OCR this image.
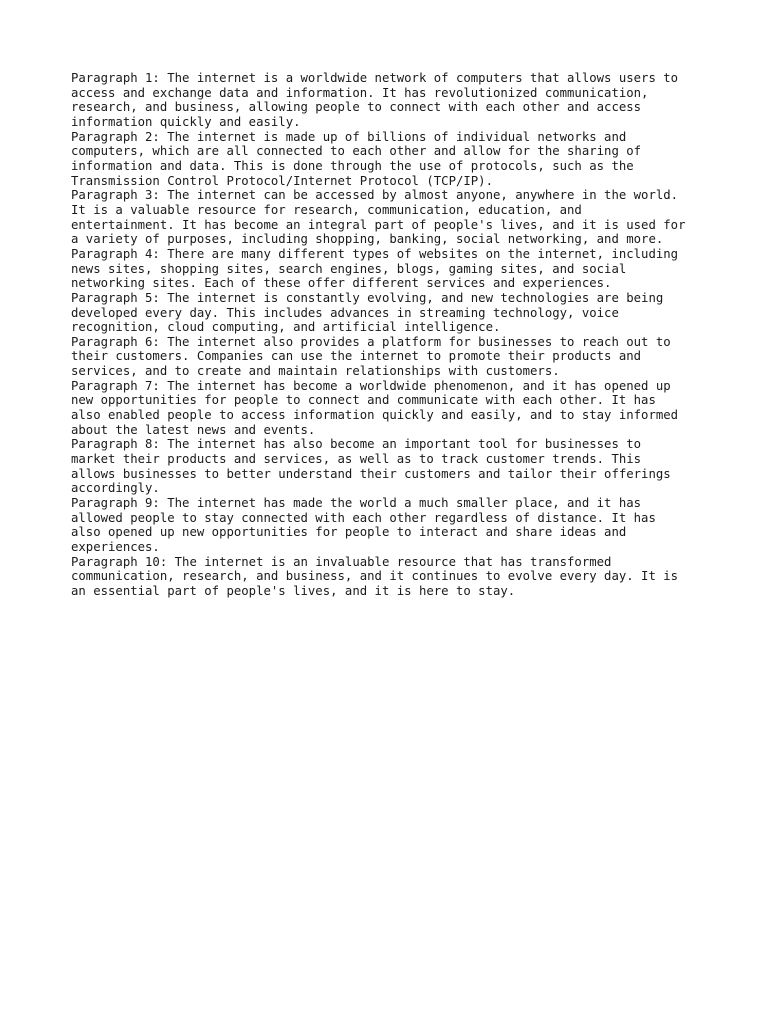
Paragraph 1: The internet is a worldwide network of computers that allows users to
access and exchange data and information. It has revolutionized communication,
research, and business, allowing people to connect with each other and access
information quickly and easily.
Paragraph 2: The internet is made up of billions of individual networks and
computers, which are all connected to each other and allow for the sharing of
information and data. This is done through the use of protocols, such as the
Transmission Control Protocol/Internet Protocol (TCP/IP).
Paragraph 3: The internet can be accessed by almost anyone, anywhere in the world.
It is a valuable resource for research, communication, education, and
entertainment. It has become an integral part of people's lives, and it is used for
a variety of purposes, including shopping, banking, social networking, and more.
Paragraph 4: There are many different types of websites on the internet, including
news sites, shopping sites, search engines, blogs, gaming sites, and social
networking sites. Each of these offer different services and experiences.
Paragraph 5: The internet is constantly evolving, and new technologies are being
developed every day. This includes advances in streaming technology, voice
recognition, cloud computing, and artificial intelligence.
Paragraph 6: The internet also provides a platform for businesses to reach out to
their customers. Companies can use the internet to promote their products and
services, and to create and maintain relationships with customers.
Paragraph 7: The internet has become a worldwide phenomenon, and it has opened up
new opportunities for people to connect and communicate with each other. It has
also enabled people to access information quickly and easily, and to stay informed
about the latest news and events.
Paragraph 8: The internet has also become an important tool for businesses to
market their products and services, as well as to track customer trends. This
allows businesses to better understand their customers and tailor their offerings
accordingly.
Paragraph 9: The internet has made the world a much smaller place, and it has
allowed people to stay connected with each other regardless of distance. It has
also opened up new opportunities for people to interact and share ideas and
experiences.
Paragraph 10: The internet is an invaluable resource that has transformed
communication, research, and business, and it continues to evolve every day. It is
an essential part of people's lives, and it is here to stay.
